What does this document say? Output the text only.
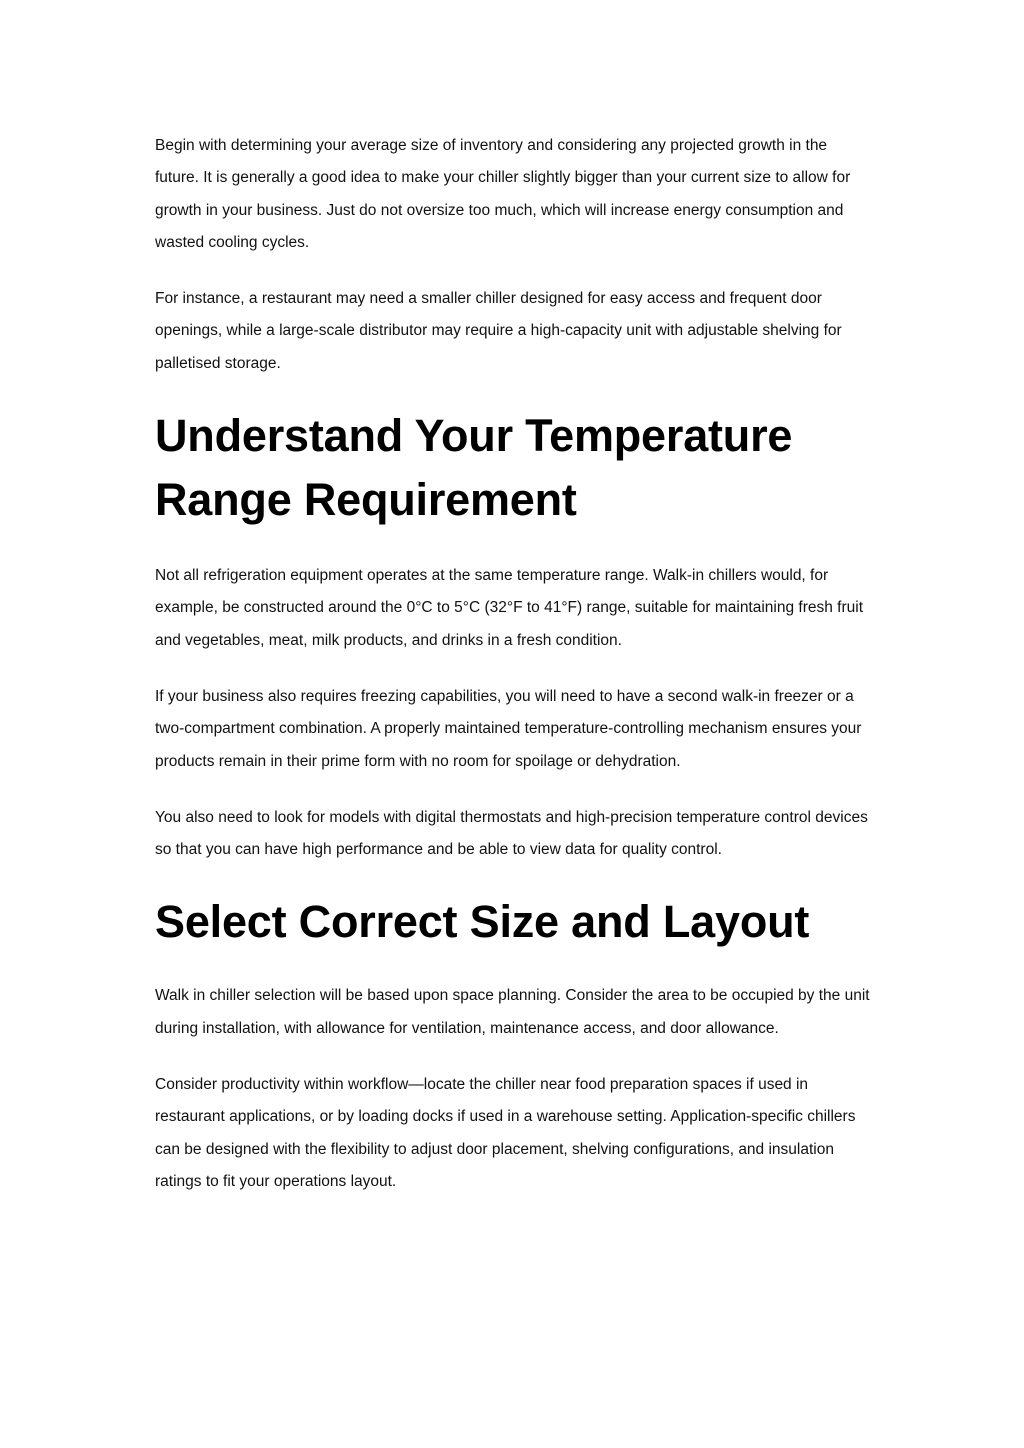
Begin with determining your average size of inventory and considering any projected growth in the future. It is generally a good idea to make your chiller slightly bigger than your current size to allow for growth in your business. Just do not oversize too much, which will increase energy consumption and wasted cooling cycles.

For instance, a restaurant may need a smaller chiller designed for easy access and frequent door openings, while a large-scale distributor may require a high-capacity unit with adjustable shelving for palletised storage.

Understand Your Temperature Range Requirement

Not all refrigeration equipment operates at the same temperature range. Walk-in chillers would, for example, be constructed around the 0°C to 5°C (32°F to 41°F) range, suitable for maintaining fresh fruit and vegetables, meat, milk products, and drinks in a fresh condition.

If your business also requires freezing capabilities, you will need to have a second walk-in freezer or a two-compartment combination. A properly maintained temperature-controlling mechanism ensures your products remain in their prime form with no room for spoilage or dehydration.

You also need to look for models with digital thermostats and high-precision temperature control devices so that you can have high performance and be able to view data for quality control.

Select Correct Size and Layout

Walk in chiller selection will be based upon space planning. Consider the area to be occupied by the unit during installation, with allowance for ventilation, maintenance access, and door allowance.

Consider productivity within workflow—locate the chiller near food preparation spaces if used in restaurant applications, or by loading docks if used in a warehouse setting. Application-specific chillers can be designed with the flexibility to adjust door placement, shelving configurations, and insulation ratings to fit your operations layout.
